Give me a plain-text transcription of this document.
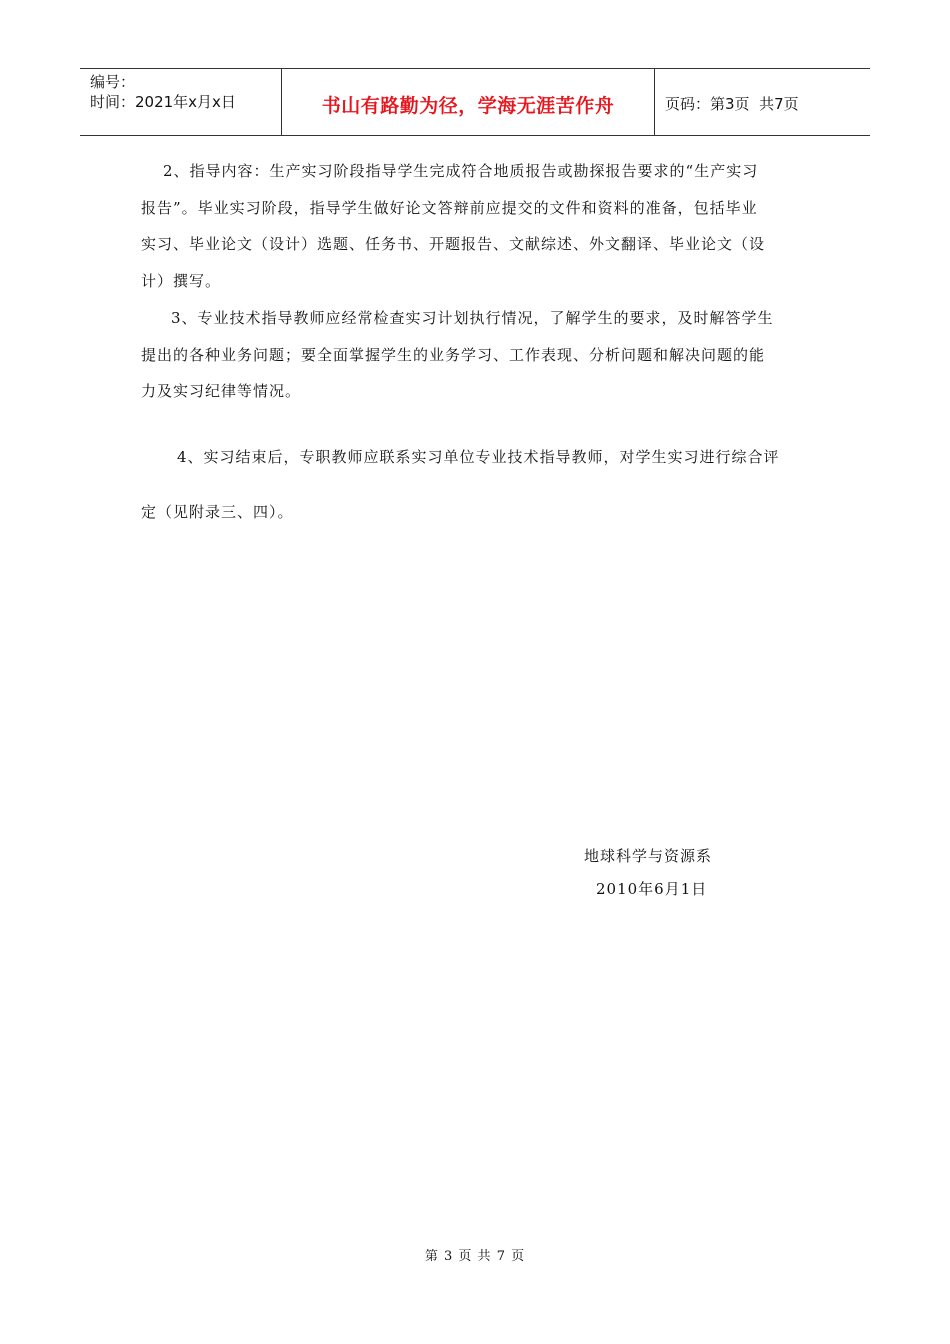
编号：
时间：2021年x月x日	书山有路勤为径，学海无涯苦作舟	页码：第3页  共7页

2、指导内容：生产实习阶段指导学生完成符合地质报告或勘探报告要求的“生产实习
报告”。毕业实习阶段，指导学生做好论文答辩前应提交的文件和资料的准备，包括毕业
实习、毕业论文（设计）选题、任务书、开题报告、文献综述、外文翻译、毕业论文（设
计）撰写。

3、专业技术指导教师应经常检查实习计划执行情况，了解学生的要求，及时解答学生
提出的各种业务问题；要全面掌握学生的业务学习、工作表现、分析问题和解决问题的能
力及实习纪律等情况。

4、实习结束后，专职教师应联系实习单位专业技术指导教师，对学生实习进行综合评
定（见附录三、四）。

地球科学与资源系
2010年6月1日
第 3 页 共 7 页
